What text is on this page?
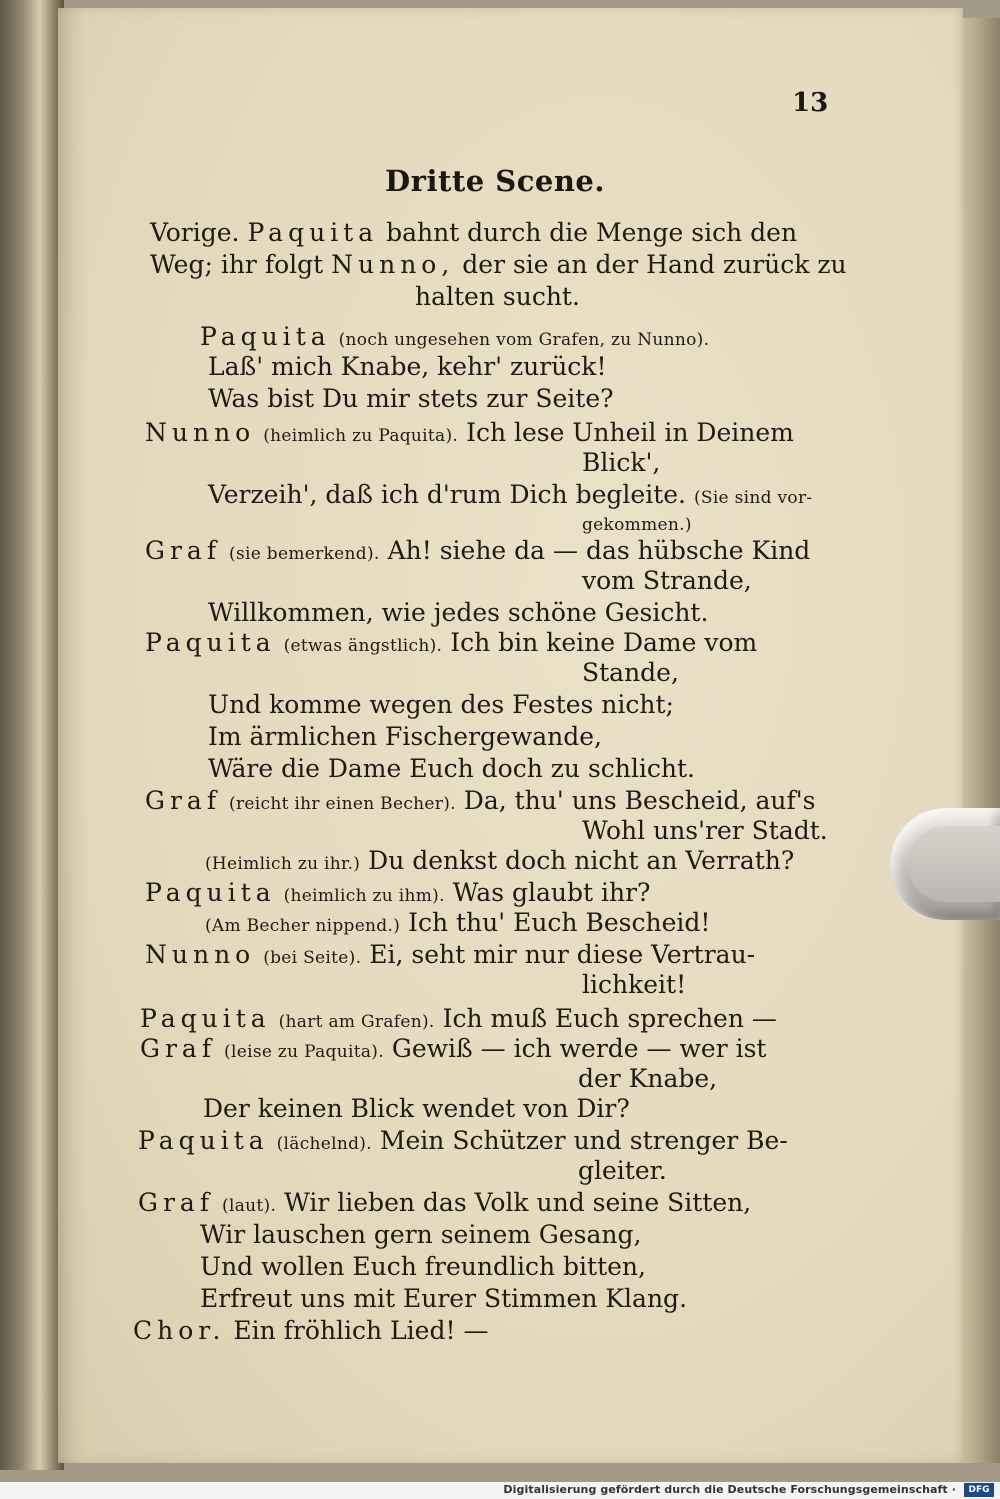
13
Dritte Scene.
Vorige. Paquita bahnt durch die Menge sich den
Weg; ihr folgt Nunno, der sie an der Hand zurück zu
halten sucht.
Paquita (noch ungesehen vom Grafen, zu Nunno).
Laß' mich Knabe, kehr' zurück!
Was bist Du mir stets zur Seite?
Nunno (heimlich zu Paquita). Ich lese Unheil in Deinem
Blick',
Verzeih', daß ich d'rum Dich begleite. (Sie sind vor-
gekommen.)
Graf (sie bemerkend). Ah! siehe da — das hübsche Kind
vom Strande,
Willkommen, wie jedes schöne Gesicht.
Paquita (etwas ängstlich). Ich bin keine Dame vom
Stande,
Und komme wegen des Festes nicht;
Im ärmlichen Fischergewande,
Wäre die Dame Euch doch zu schlicht.
Graf (reicht ihr einen Becher). Da, thu' uns Bescheid, auf's
Wohl uns'rer Stadt.
(Heimlich zu ihr.) Du denkst doch nicht an Verrath?
Paquita (heimlich zu ihm). Was glaubt ihr?
(Am Becher nippend.) Ich thu' Euch Bescheid!
Nunno (bei Seite). Ei, seht mir nur diese Vertrau-
lichkeit!
Paquita (hart am Grafen). Ich muß Euch sprechen —
Graf (leise zu Paquita). Gewiß — ich werde — wer ist
der Knabe,
Der keinen Blick wendet von Dir?
Paquita (lächelnd). Mein Schützer und strenger Be-
gleiter.
Graf (laut). Wir lieben das Volk und seine Sitten,
Wir lauschen gern seinem Gesang,
Und wollen Euch freundlich bitten,
Erfreut uns mit Eurer Stimmen Klang.
Chor. Ein fröhlich Lied! —
Digitalisierung gefördert durch die Deutsche Forschungsgemeinschaft ·	DFG
